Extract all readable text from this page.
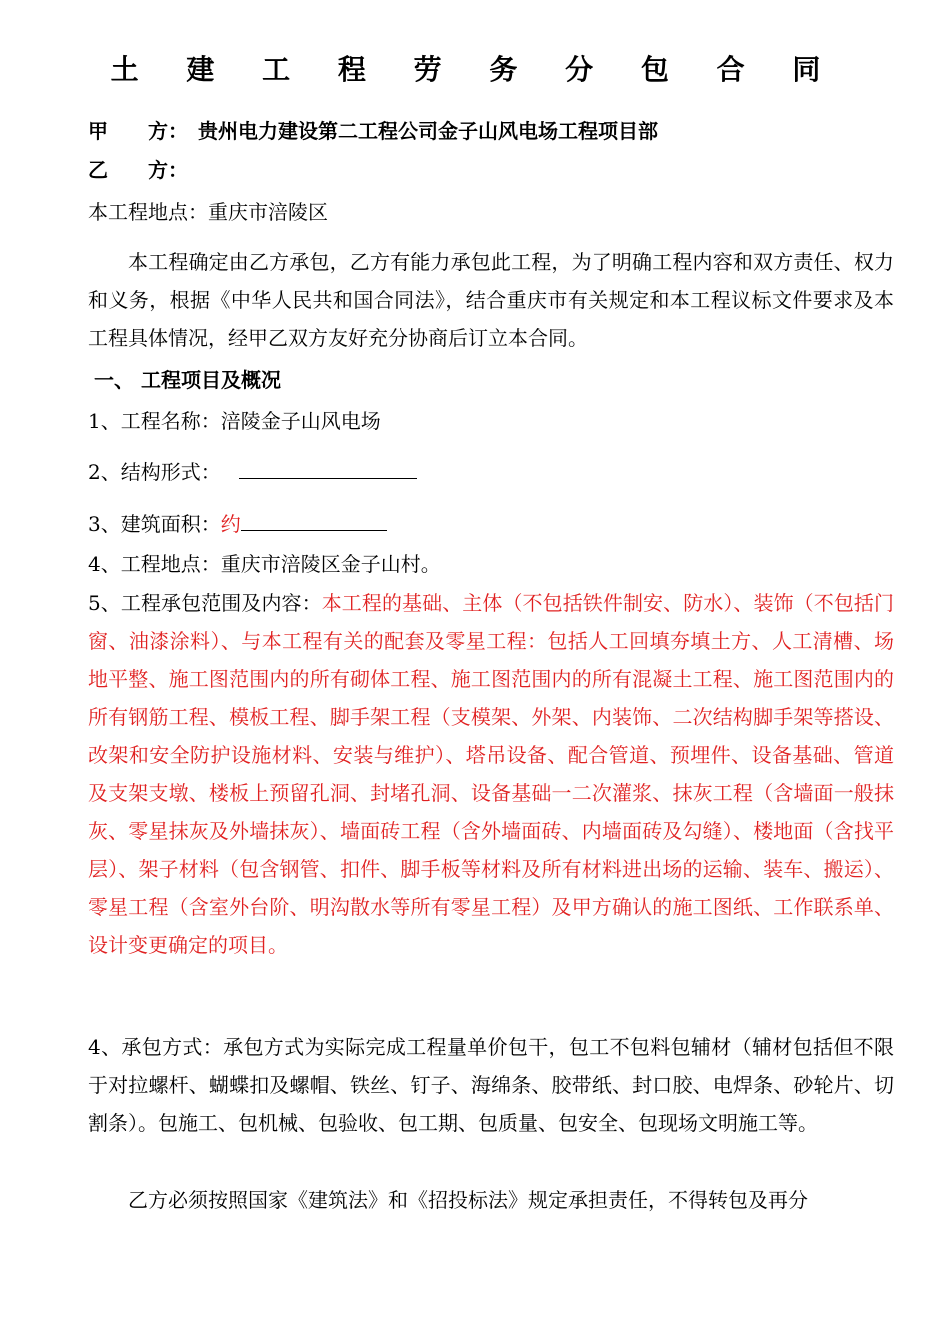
土 建 工 程 劳 务 分 包 合 同
甲　　方： 贵州电力建设第二工程公司金子山风电场工程项目部
乙　　方：
本工程地点：重庆市涪陵区
本工程确定由乙方承包，乙方有能力承包此工程，为了明确工程内容和双方责任、权力和义务，根据《中华人民共和国合同法》，结合重庆市有关规定和本工程议标文件要求及本工程具体情况，经甲乙双方友好充分协商后订立本合同。
一、 工程项目及概况
1、工程名称：涪陵金子山风电场
2、结构形式：
3、建筑面积：约
4、工程地点：重庆市涪陵区金子山村。
5、工程承包范围及内容：本工程的基础、主体（不包括铁件制安、防水）、装饰（不包括门窗、油漆涂料）、与本工程有关的配套及零星工程：包括人工回填夯填土方、人工清槽、场地平整、施工图范围内的所有砌体工程、施工图范围内的所有混凝土工程、施工图范围内的所有钢筋工程、模板工程、脚手架工程（支模架、外架、内装饰、二次结构脚手架等搭设、改架和安全防护设施材料、安装与维护）、塔吊设备、配合管道、预埋件、设备基础、管道及支架支墩、楼板上预留孔洞、封堵孔洞、设备基础一二次灌浆、抹灰工程（含墙面一般抹灰、零星抹灰及外墙抹灰）、墙面砖工程（含外墙面砖、内墙面砖及勾缝）、楼地面（含找平层）、架子材料（包含钢管、扣件、脚手板等材料及所有材料进出场的运输、装车、搬运）、零星工程（含室外台阶、明沟散水等所有零星工程）及甲方确认的施工图纸、工作联系单、设计变更确定的项目。
4、承包方式：承包方式为实际完成工程量单价包干，包工不包料包辅材（辅材包括但不限于对拉螺杆、蝴蝶扣及螺帽、铁丝、钉子、海绵条、胶带纸、封口胶、电焊条、砂轮片、切割条）。包施工、包机械、包验收、包工期、包质量、包安全、包现场文明施工等。
乙方必须按照国家《建筑法》和《招投标法》规定承担责任，不得转包及再分
